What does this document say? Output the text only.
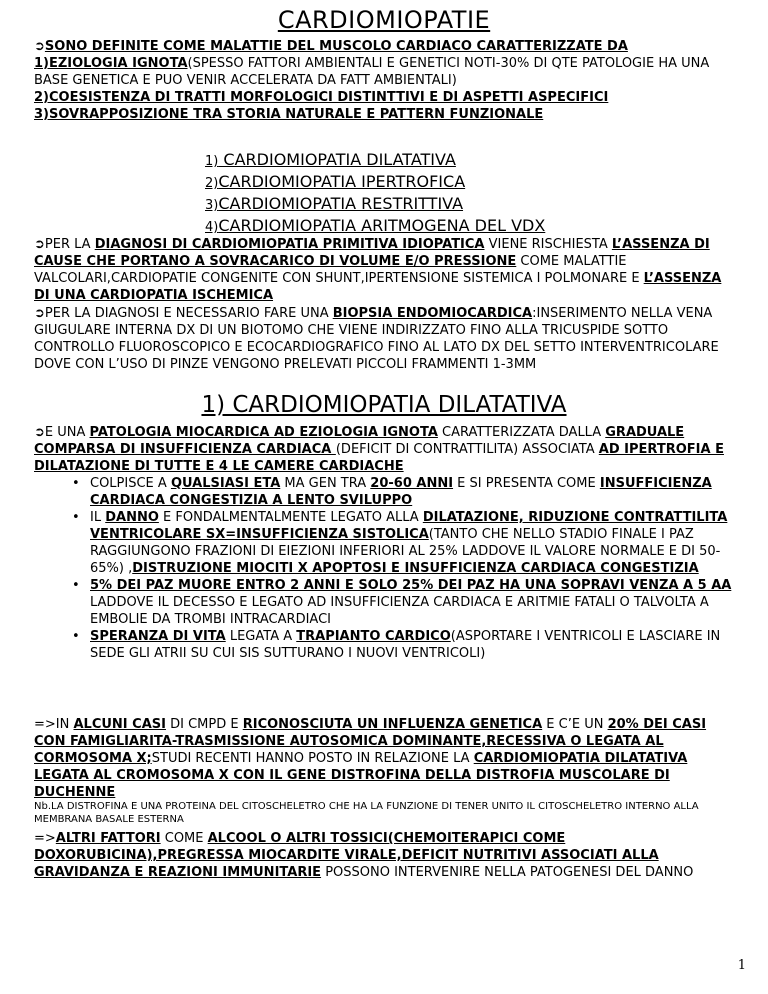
CARDIOMIOPATIE
➲SONO DEFINITE COME MALATTIE DEL MUSCOLO CARDIACO CARATTERIZZATE DA
1)EZIOLOGIA IGNOTA(SPESSO FATTORI AMBIENTALI E GENETICI NOTI-30% DI QTE PATOLOGIE HA UNA BASE GENETICA E PUO VENIR ACCELERATA DA FATT AMBIENTALI)
2)COESISTENZA DI TRATTI MORFOLOGICI DISTINTTIVI E DI ASPETTI ASPECIFICI
3)SOVRAPPOSIZIONE TRA STORIA NATURALE E PATTERN FUNZIONALE
1) CARDIOMIOPATIA DILATATIVA
2)CARDIOMIOPATIA IPERTROFICA
3)CARDIOMIOPATIA RESTRITTIVA
4)CARDIOMIOPATIA ARITMOGENA DEL VDX
➲PER LA DIAGNOSI DI CARDIOMIOPATIA PRIMITIVA IDIOPATICA VIENE RISCHIESTA L’ASSENZA DI CAUSE CHE PORTANO A SOVRACARICO DI VOLUME E/O PRESSIONE COME MALATTIE VALCOLARI,CARDIOPATIE CONGENITE CON SHUNT,IPERTENSIONE SISTEMICA I POLMONARE E L’ASSENZA DI UNA CARDIOPATIA ISCHEMICA
➲PER LA DIAGNOSI E NECESSARIO FARE UNA BIOPSIA ENDOMIOCARDICA:INSERIMENTO NELLA VENA GIUGULARE INTERNA DX DI UN BIOTOMO CHE VIENE INDIRIZZATO FINO ALLA TRICUSPIDE SOTTO CONTROLLO FLUOROSCOPICO E ECOCARDIOGRAFICO FINO AL LATO DX DEL SETTO INTERVENTRICOLARE DOVE CON L’USO DI PINZE VENGONO PRELEVATI PICCOLI FRAMMENTI 1-3MM
1) CARDIOMIOPATIA DILATATIVA
➲E UNA PATOLOGIA MIOCARDICA AD EZIOLOGIA IGNOTA CARATTERIZZATA DALLA GRADUALE COMPARSA DI INSUFFICIENZA CARDIACA (DEFICIT DI CONTRATTILITA) ASSOCIATA AD IPERTROFIA E DILATAZIONE DI TUTTE E 4 LE CAMERE CARDIACHE
• COLPISCE A QUALSIASI ETA MA GEN TRA 20-60 ANNI E SI PRESENTA COME INSUFFICIENZA CARDIACA CONGESTIZIA A LENTO SVILUPPO
• IL DANNO E FONDALMENTALMENTE LEGATO ALLA DILATAZIONE, RIDUZIONE CONTRATTILITA VENTRICOLARE SX=INSUFFICIENZA SISTOLICA(TANTO CHE NELLO STADIO FINALE I PAZ RAGGIUNGONO FRAZIONI DI EIEZIONI INFERIORI AL 25% LADDOVE IL VALORE NORMALE E DI 50-65%) ,DISTRUZIONE MIOCITI X APOPTOSI E INSUFFICIENZA CARDIACA CONGESTIZIA
• 5% DEI PAZ MUORE ENTRO 2 ANNI E SOLO 25% DEI PAZ HA UNA SOPRAVI VENZA A 5 AA LADDOVE IL DECESSO E LEGATO AD INSUFFICIENZA CARDIACA E ARITMIE FATALI O TALVOLTA A EMBOLIE DA TROMBI INTRACARDIACI
• SPERANZA DI VITA LEGATA A TRAPIANTO CARDICO(ASPORTARE I VENTRICOLI E LASCIARE IN SEDE GLI ATRII SU CUI SIS SUTTURANO I NUOVI VENTRICOLI)
=>IN ALCUNI CASI DI CMPD E RICONOSCIUTA UN INFLUENZA GENETICA E C’E UN 20% DEI CASI CON FAMIGLIARITA-TRASMISSIONE AUTOSOMICA DOMINANTE,RECESSIVA O LEGATA AL CORMOSOMA X;STUDI RECENTI HANNO POSTO IN RELAZIONE LA CARDIOMIOPATIA DILATATIVA LEGATA AL CROMOSOMA X CON IL GENE DISTROFINA DELLA DISTROFIA MUSCOLARE DI DUCHENNE
Nb.LA DISTROFINA E UNA PROTEINA DEL CITOSCHELETRO CHE HA LA FUNZIONE DI TENER UNITO IL CITOSCHELETRO INTERNO ALLA MEMBRANA BASALE ESTERNA
=>ALTRI FATTORI COME ALCOOL O ALTRI TOSSICI(CHEMOITERAPICI COME DOXORUBICINA),PREGRESSA MIOCARDITE VIRALE,DEFICIT NUTRITIVI ASSOCIATI ALLA GRAVIDANZA E REAZIONI IMMUNITARIE POSSONO INTERVENIRE NELLA PATOGENESI DEL DANNO
1
